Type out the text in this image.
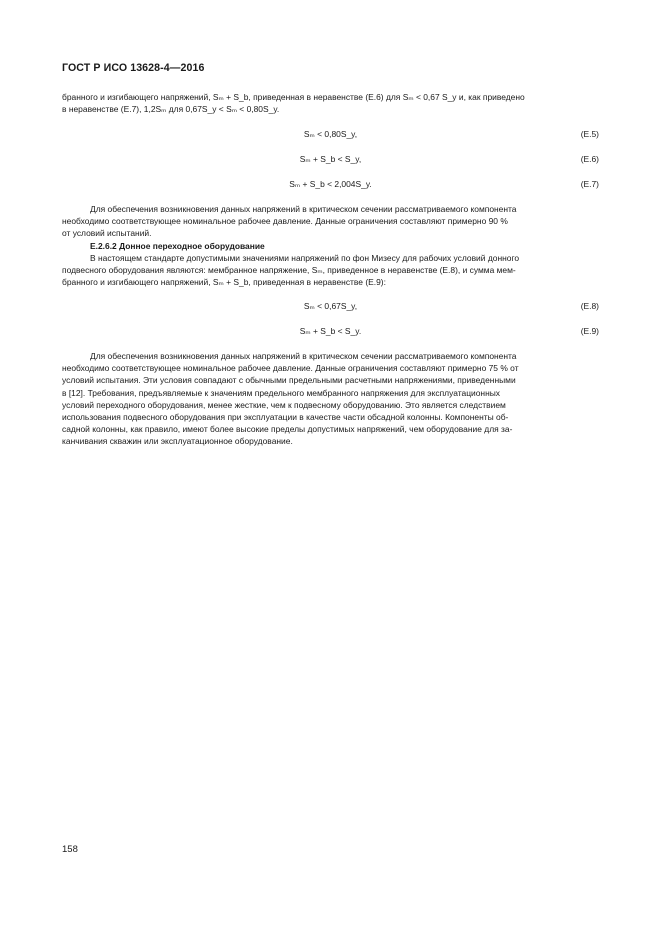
ГОСТ Р ИСО 13628-4—2016

бранного и изгибающего напряжений, Sₘ + S_b, приведенная в неравенстве (Е.6) для Sₘ < 0,67 S_y и, как приведено

в неравенстве (Е.7), 1,2Sₘ для 0,67S_y < Sₘ < 0,80S_y.

Sₘ < 0,80S_y,	(E.5)
Sₘ + S_b < S_y,	(E.6)
Sₘ + S_b < 2,004S_y.	(E.7)

Для обеспечения возникновения данных напряжений в критическом сечении рассматриваемого компонента

необходимо соответствующее номинальное рабочее давление. Данные ограничения составляют примерно 90 %

от условий испытаний.

Е.2.6.2 Донное переходное оборудование

В настоящем стандарте допустимыми значениями напряжений по фон Мизесу для рабочих условий донного

подвесного оборудования являются: мембранное напряжение, Sₘ, приведенное в неравенстве (Е.8), и сумма мем-

бранного и изгибающего напряжений, Sₘ + S_b, приведенная в неравенстве (Е.9):

Sₘ < 0,67S_y,	(E.8)
Sₘ + S_b < S_y.	(E.9)

Для обеспечения возникновения данных напряжений в критическом сечении рассматриваемого компонента

необходимо соответствующее номинальное рабочее давление. Данные ограничения составляют примерно 75 % от

условий испытания. Эти условия совпадают с обычными предельными расчетными напряжениями, приведенными

в [12]. Требования, предъявляемые к значениям предельного мембранного напряжения для эксплуатационных

условий переходного оборудования, менее жесткие, чем к подвесному оборудованию. Это является следствием

использования подвесного оборудования при эксплуатации в качестве части обсадной колонны. Компоненты об-

садной колонны, как правило, имеют более высокие пределы допустимых напряжений, чем оборудование для за-

канчивания скважин или эксплуатационное оборудование.

158
